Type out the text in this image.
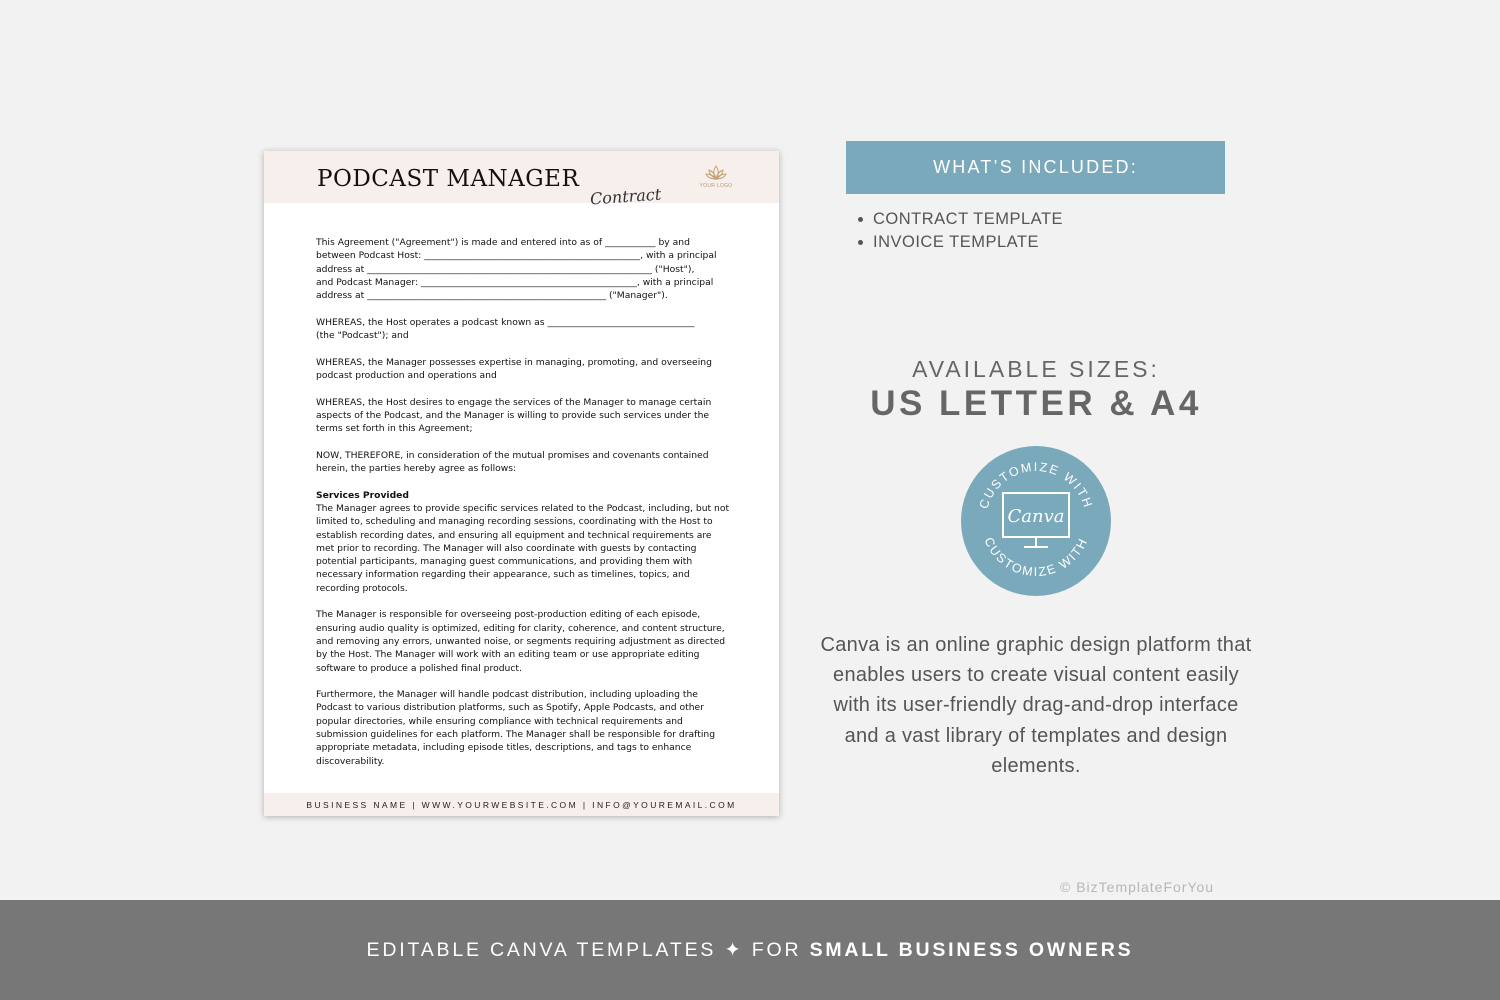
PODCAST MANAGER
Contract	YOUR LOGO

This Agreement ("Agreement") is made and entered into as of ___________ by and
between Podcast Host: _______________________________________________, with a principal
address at ______________________________________________________________ ("Host"),
and Podcast Manager: _______________________________________________, with a principal
address at ____________________________________________________ ("Manager").

WHEREAS, the Host operates a podcast known as ________________________________
(the "Podcast"); and

WHEREAS, the Manager possesses expertise in managing, promoting, and overseeing
podcast production and operations and

WHEREAS, the Host desires to engage the services of the Manager to manage certain
aspects of the Podcast, and the Manager is willing to provide such services under the
terms set forth in this Agreement;

NOW, THEREFORE, in consideration of the mutual promises and covenants contained
herein, the parties hereby agree as follows:

Services Provided

The Manager agrees to provide specific services related to the Podcast, including, but not
limited to, scheduling and managing recording sessions, coordinating with the Host to
establish recording dates, and ensuring all equipment and technical requirements are
met prior to recording. The Manager will also coordinate with guests by contacting
potential participants, managing guest communications, and providing them with
necessary information regarding their appearance, such as timelines, topics, and
recording protocols.

The Manager is responsible for overseeing post-production editing of each episode,
ensuring audio quality is optimized, editing for clarity, coherence, and content structure,
and removing any errors, unwanted noise, or segments requiring adjustment as directed
by the Host. The Manager will work with an editing team or use appropriate editing
software to produce a polished final product.

Furthermore, the Manager will handle podcast distribution, including uploading the
Podcast to various distribution platforms, such as Spotify, Apple Podcasts, and other
popular directories, while ensuring compliance with technical requirements and
submission guidelines for each platform. The Manager shall be responsible for drafting
appropriate metadata, including episode titles, descriptions, and tags to enhance
discoverability.

BUSINESS NAME | WWW.YOURWEBSITE.COM | INFO@YOUREMAIL.COM
WHAT’S INCLUDED:
CONTRACT TEMPLATE
INVOICE TEMPLATE
AVAILABLE SIZES:
US LETTER & A4
CUSTOMIZE WITH
CUSTOMIZE WITH
Canva
Canva is an online graphic design platform that enables users to create visual content easily with its user-friendly drag-and-drop interface and a vast library of templates and design elements.
© BizTemplateForYou
EDITABLE CANVA TEMPLATES ✦ FOR SMALL BUSINESS OWNERS
